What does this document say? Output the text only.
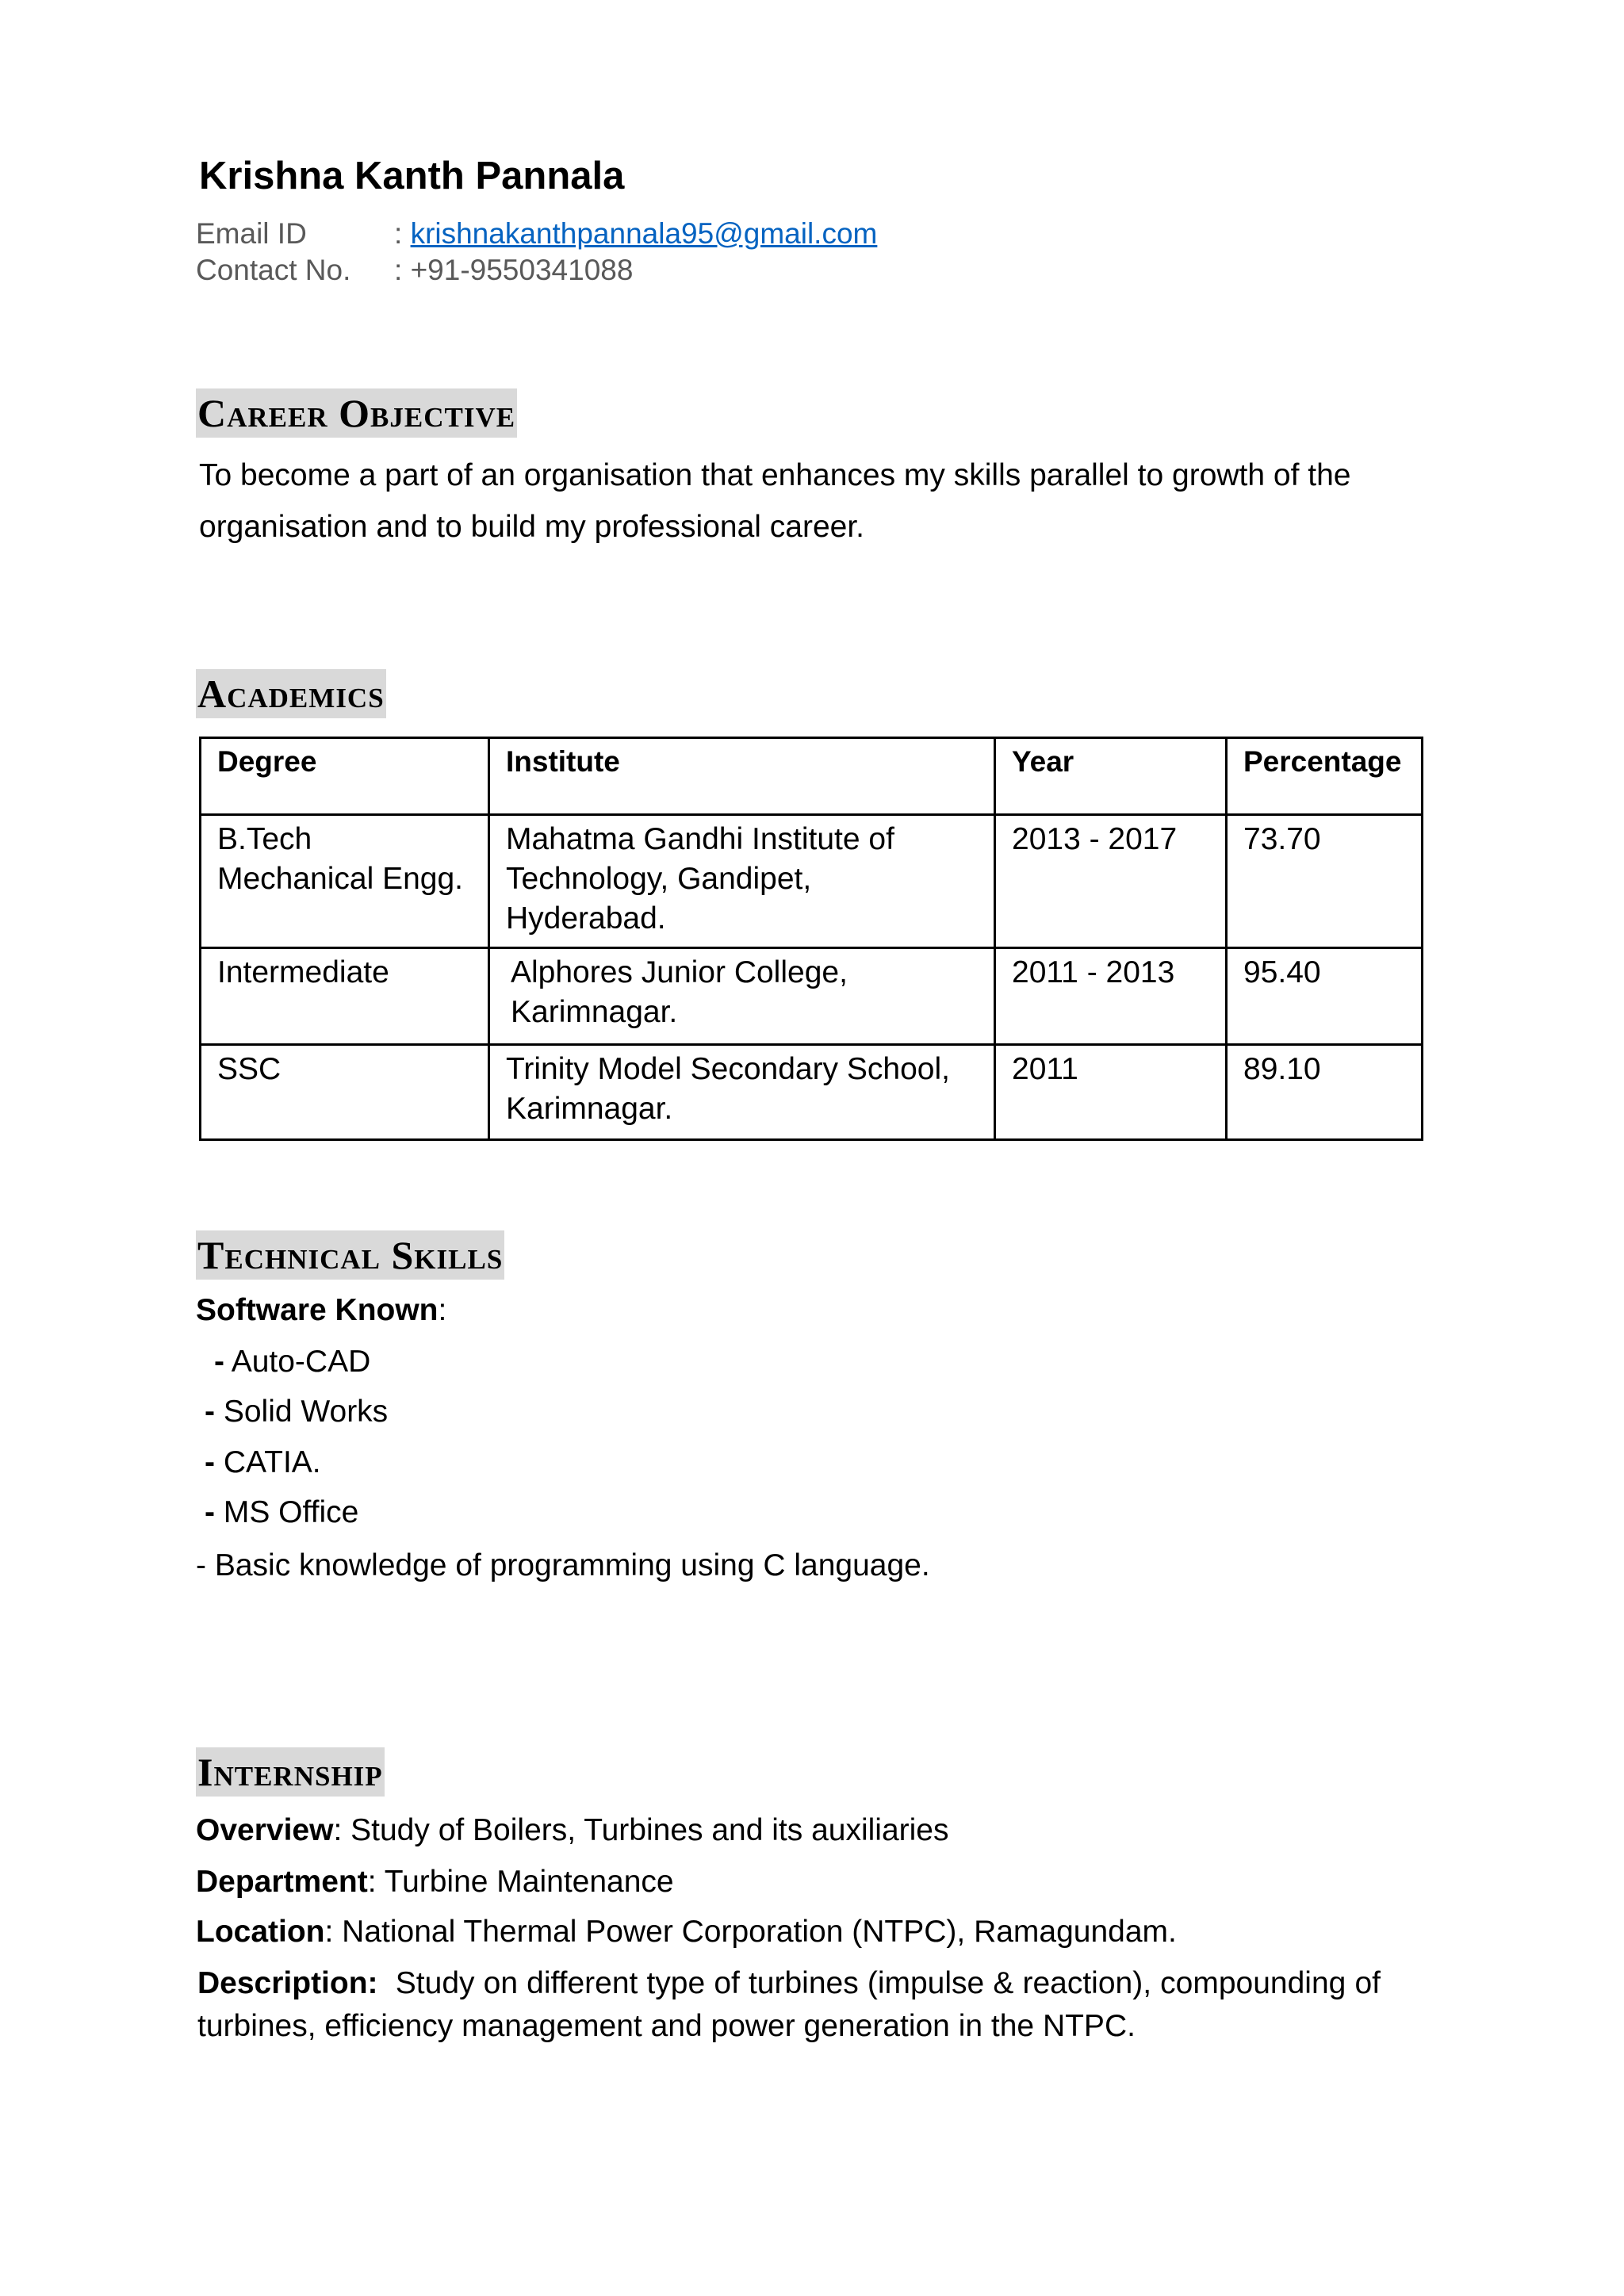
Krishna Kanth Pannala
Email ID	: krishnakanthpannala95@gmail.com
Contact No. : +91-9550341088
Career Objective

To become a part of an organisation that enhances my skills parallel to growth of the organisation and to build my professional career.

Academics
Degree	Institute	Year	Percentage
B.Tech Mechanical Engg.	Mahatma Gandhi Institute of Technology, Gandipet, Hyderabad.	2013 - 2017	73.70
Intermediate	Alphores Junior College, Karimnagar.	2011 - 2013	95.40
SSC	Trinity Model Secondary School, Karimnagar.	2011	89.10
Technical Skills

Software Known:

- Auto-CAD

- Solid Works

- CATIA.

- MS Office

- Basic knowledge of programming using C language.

Internship

Overview: Study of Boilers, Turbines and its auxiliaries

Department: Turbine Maintenance

Location: National Thermal Power Corporation (NTPC), Ramagundam.

Description: Study on different type of turbines (impulse & reaction), compounding of turbines, efficiency management and power generation in the NTPC.
